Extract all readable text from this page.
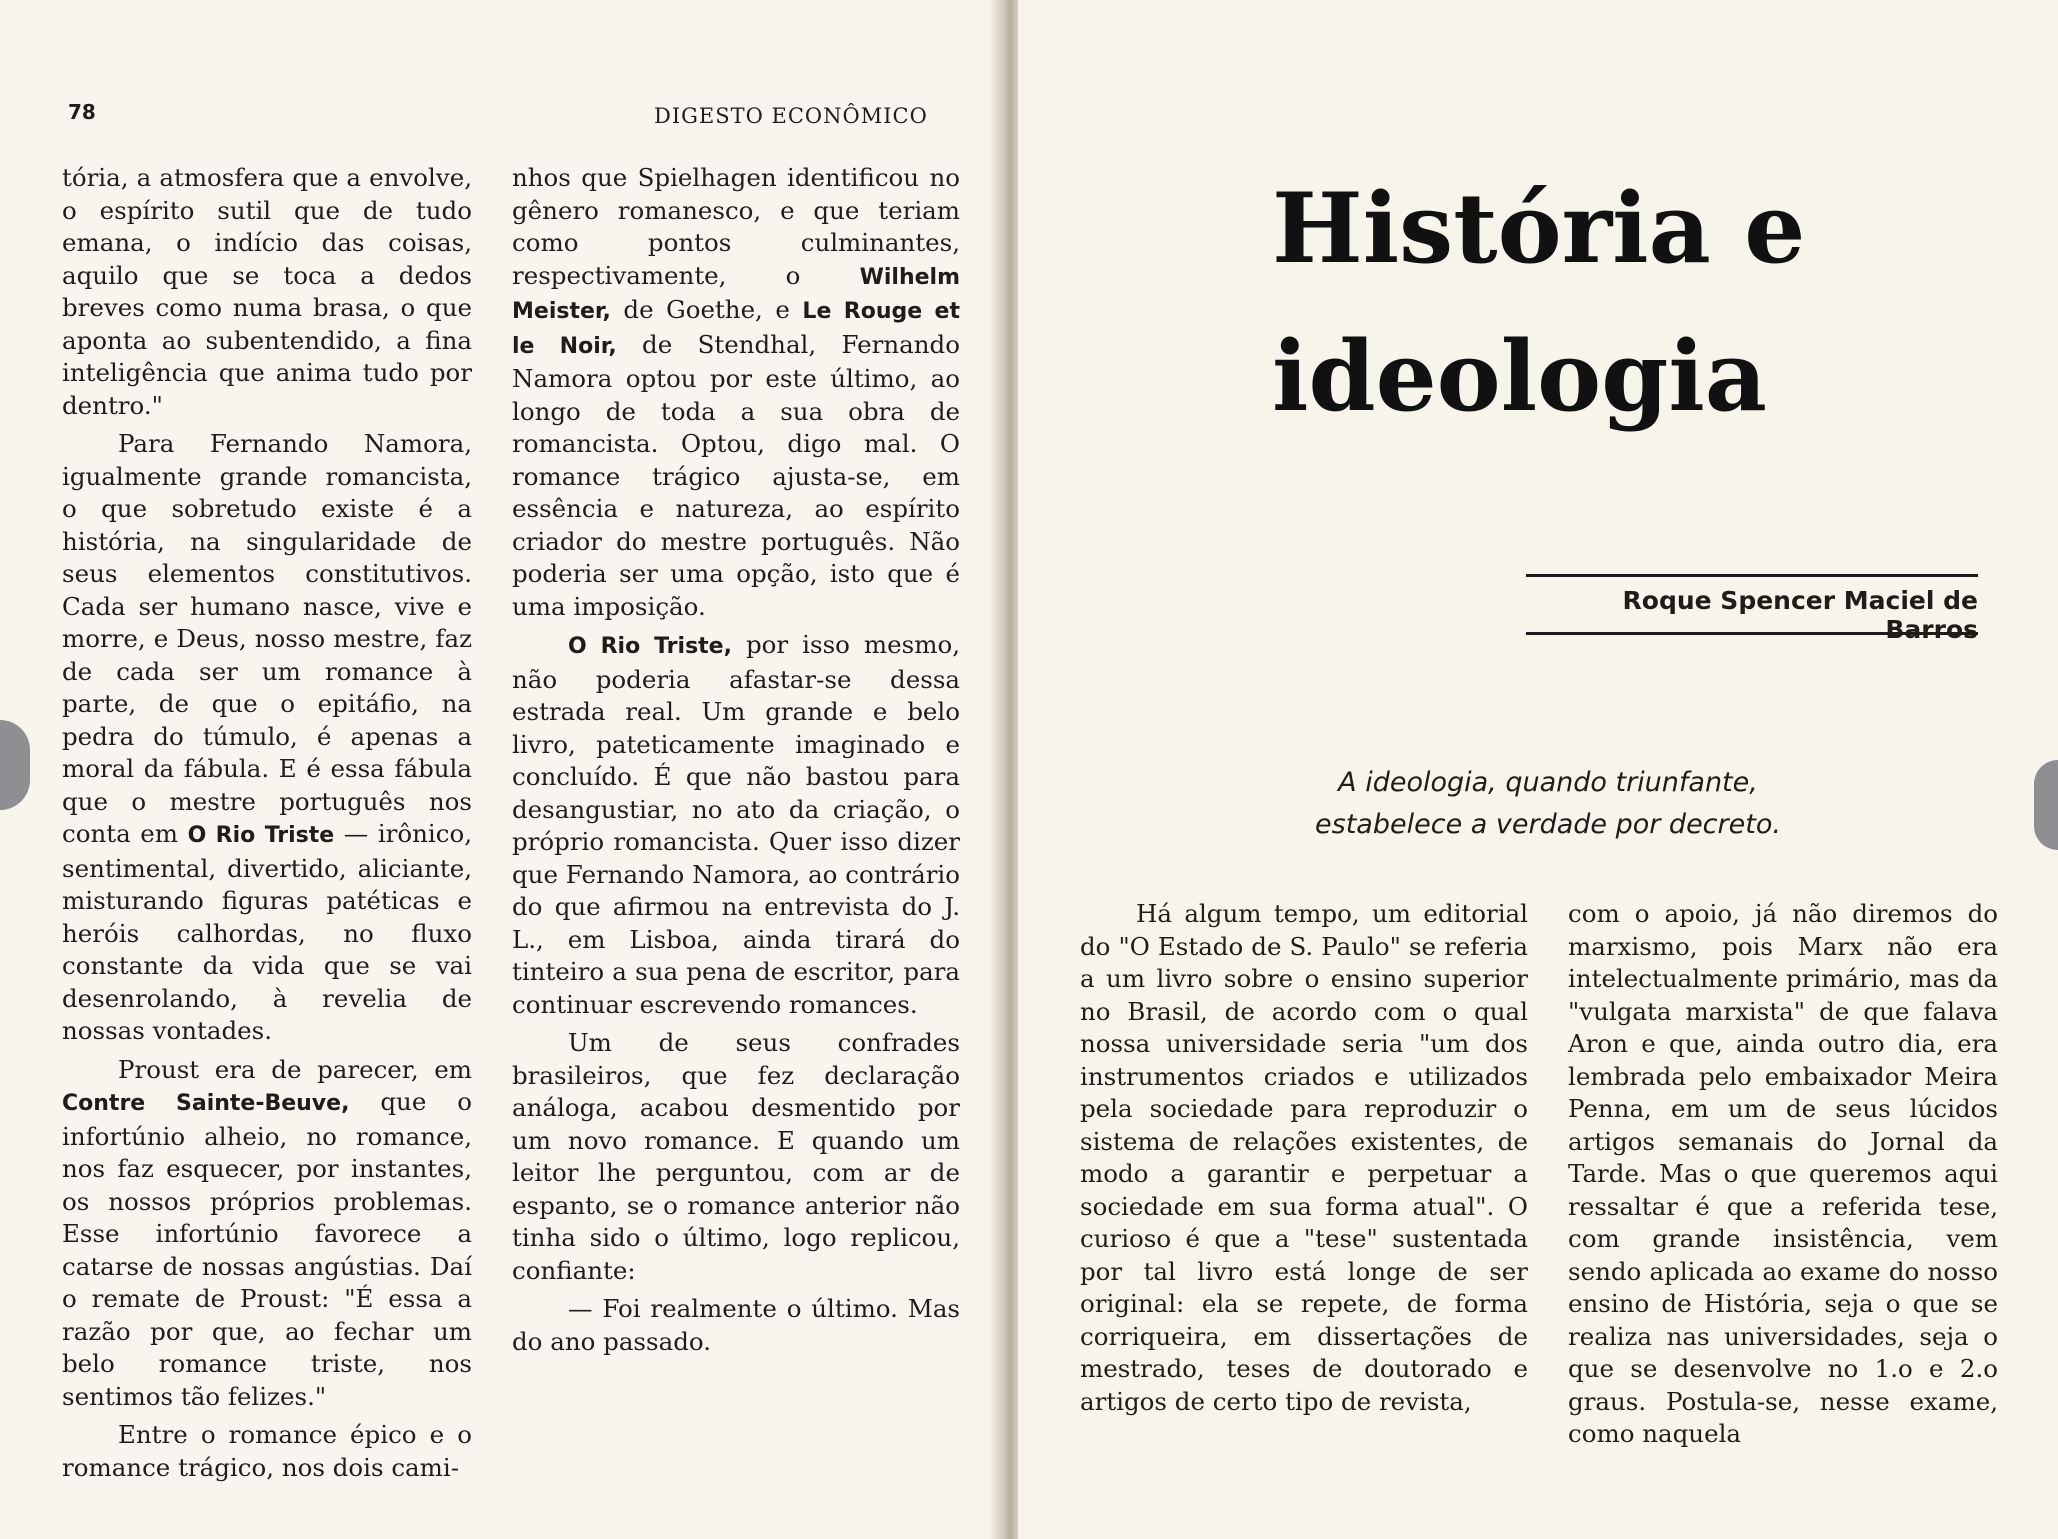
78	DIGESTO ECONÔMICO

tória, a atmosfera que a envolve, o espírito sutil que de tudo emana, o indício das coisas, aquilo que se toca a dedos breves como numa brasa, o que aponta ao subentendido, a fina inteligência que anima tudo por dentro."

Para Fernando Namora, igualmente grande romancista, o que sobretudo existe é a história, na singularidade de seus elementos constitutivos. Cada ser humano nasce, vive e morre, e Deus, nosso mestre, faz de cada ser um romance à parte, de que o epitáfio, na pedra do túmulo, é apenas a moral da fábula. E é essa fábula que o mestre português nos conta em O Rio Triste — irônico, sentimental, divertido, aliciante, misturando figuras patéticas e heróis calhordas, no fluxo constante da vida que se vai desenrolando, à revelia de nossas vontades.

Proust era de parecer, em Contre Sainte-Beuve, que o infortúnio alheio, no romance, nos faz esquecer, por instantes, os nossos próprios problemas. Esse infortúnio favorece a catarse de nossas angústias. Daí o remate de Proust: "É essa a razão por que, ao fechar um belo romance triste, nos sentimos tão felizes."

Entre o romance épico e o romance trágico, nos dois cami-

nhos que Spielhagen identificou no gênero romanesco, e que teriam como pontos culminantes, respectivamente, o Wilhelm Meister, de Goethe, e Le Rouge et le Noir, de Stendhal, Fernando Namora optou por este último, ao longo de toda a sua obra de romancista. Optou, digo mal. O romance trágico ajusta-se, em essência e natureza, ao espírito criador do mestre português. Não poderia ser uma opção, isto que é uma imposição.

O Rio Triste, por isso mesmo, não poderia afastar-se dessa estrada real. Um grande e belo livro, pateticamente imaginado e concluído. É que não bastou para desangustiar, no ato da criação, o próprio romancista. Quer isso dizer que Fernando Namora, ao contrário do que afirmou na entrevista do J. L., em Lisboa, ainda tirará do tinteiro a sua pena de escritor, para continuar escrevendo romances.

Um de seus confrades brasileiros, que fez declaração análoga, acabou desmentido por um novo romance. E quando um leitor lhe perguntou, com ar de espanto, se o romance anterior não tinha sido o último, logo replicou, confiante:

— Foi realmente o último. Mas do ano passado.

História e
ideologia
Roque Spencer Maciel de Barros
A ideologia, quando triunfante,
estabelece a verdade por decreto.

Há algum tempo, um editorial do "O Estado de S. Paulo" se referia a um livro sobre o ensino superior no Brasil, de acordo com o qual nossa universidade seria "um dos instrumentos criados e utilizados pela sociedade para reproduzir o sistema de relações existentes, de modo a garantir e perpetuar a sociedade em sua forma atual". O curioso é que a "tese" sustentada por tal livro está longe de ser original: ela se repete, de forma corriqueira, em dissertações de mestrado, teses de doutorado e artigos de certo tipo de revista,

com o apoio, já não diremos do marxismo, pois Marx não era intelectualmente primário, mas da "vulgata marxista" de que falava Aron e que, ainda outro dia, era lembrada pelo embaixador Meira Penna, em um de seus lúcidos artigos semanais do Jornal da Tarde. Mas o que queremos aqui ressaltar é que a referida tese, com grande insistência, vem sendo aplicada ao exame do nosso ensino de História, seja o que se realiza nas universidades, seja o que se desenvolve no 1.o e 2.o graus. Postula-se, nesse exame, como naquela
